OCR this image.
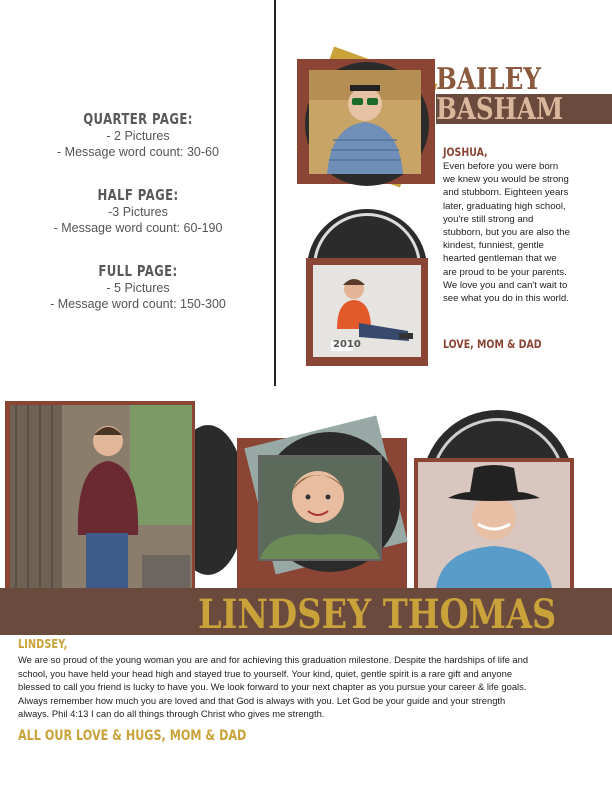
QUARTER PAGE:
- 2 Pictures
- Message word count: 30-60
HALF PAGE:
-3 Pictures
- Message word count: 60-190
FULL PAGE:
- 5 Pictures
- Message word count: 150-300
BAILEY
BASHAM
2010
JOSHUA,
Even before you were born we knew you would be strong and stubborn. Eighteen years later, graduating high school, you're still strong and stubborn, but you are also the kindest, funniest, gentle hearted gentleman that we are proud to be your parents. We love you and can't wait to see what you do in this world.
LOVE, MOM & DAD
LINDSEY THOMAS
LINDSEY,
We are so proud of the young woman you are and for achieving this graduation milestone. Despite the hardships of life and school, you have held your head high and stayed true to yourself. Your kind, quiet, gentle spirit is a rare gift and anyone blessed to call you friend is lucky to have you. We look forward to your next chapter as you pursue your career & life goals. Always remember how much you are loved and that God is always with you. Let God be your guide and your strength always. Phil 4:13 I can do all things through Christ who gives me strength.
ALL OUR LOVE & HUGS, MOM & DAD
